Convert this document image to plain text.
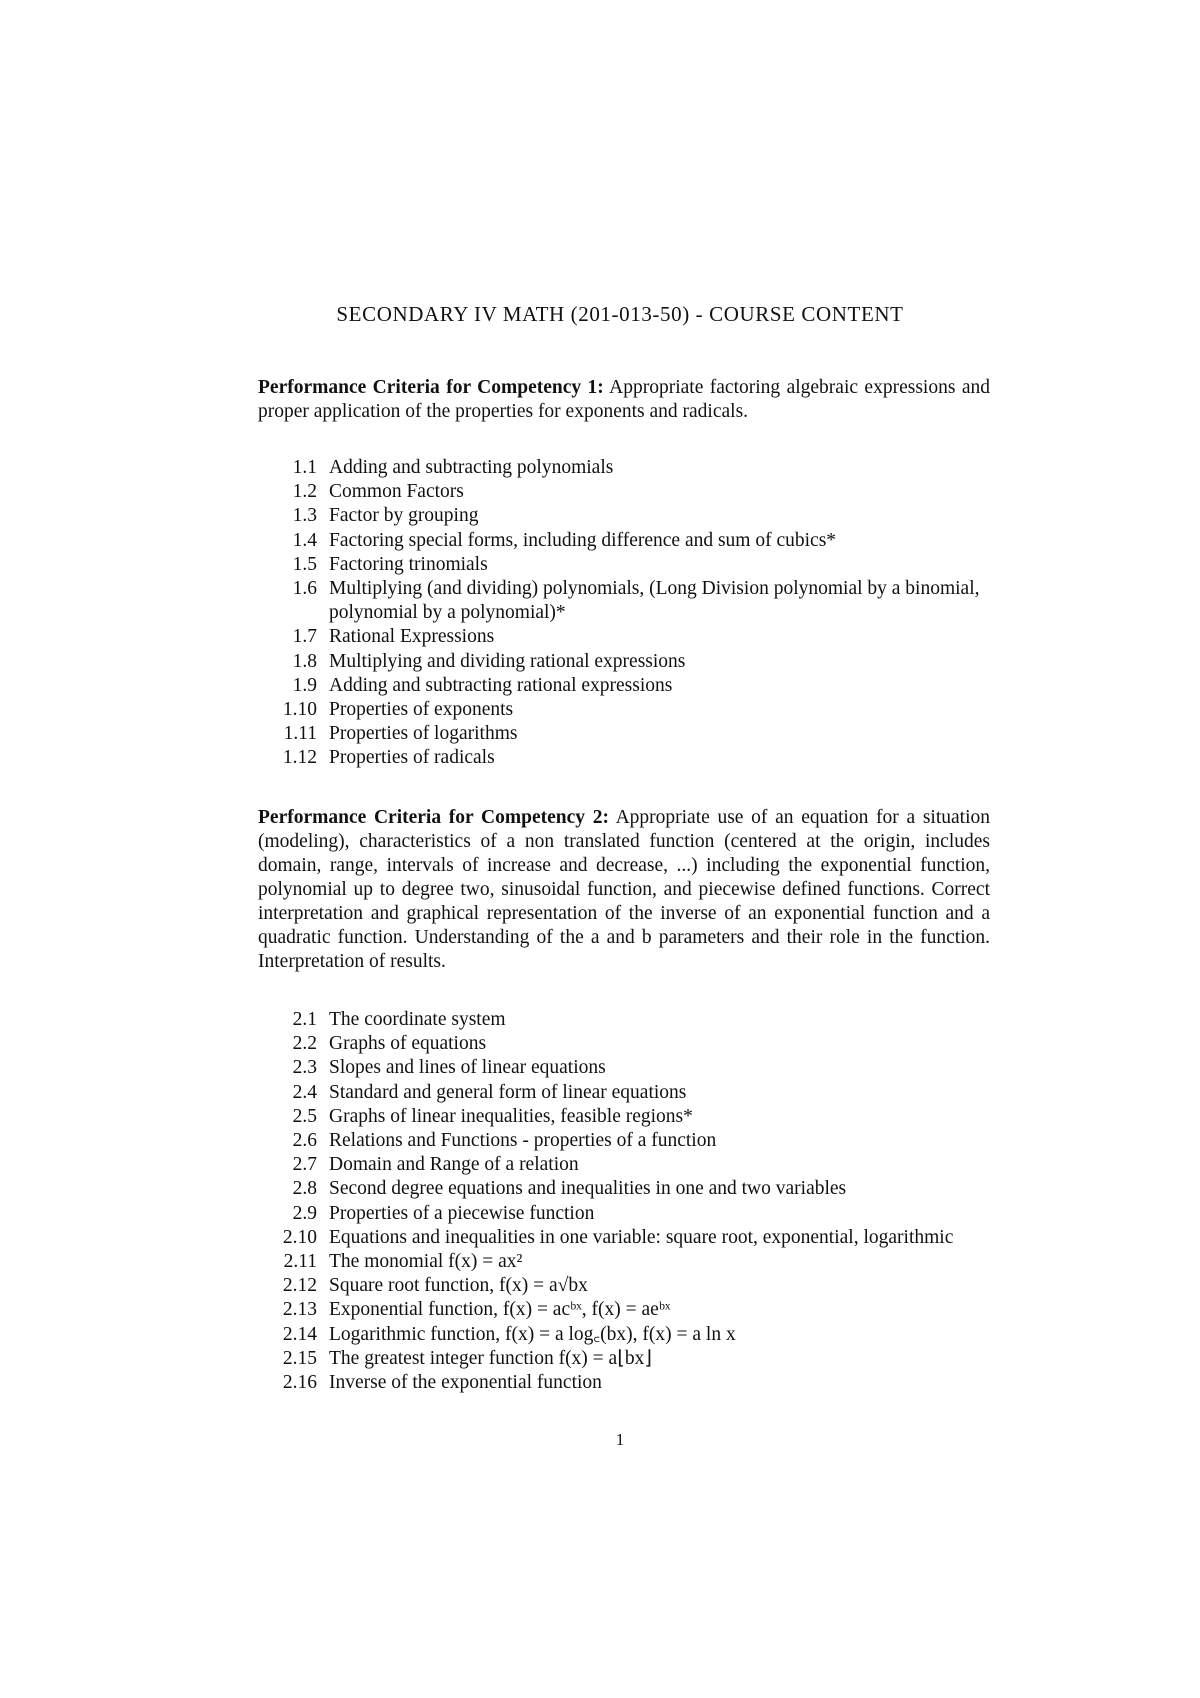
SECONDARY IV MATH (201-013-50) - COURSE CONTENT

Performance Criteria for Competency 1: Appropriate factoring algebraic expressions and proper application of the properties for exponents and radicals.

1.1 Adding and subtracting polynomials
1.2 Common Factors
1.3 Factor by grouping
1.4 Factoring special forms, including difference and sum of cubics*
1.5 Factoring trinomials
1.6 Multiplying (and dividing) polynomials, (Long Division polynomial by a binomial, polynomial by a polynomial)*
1.7 Rational Expressions
1.8 Multiplying and dividing rational expressions
1.9 Adding and subtracting rational expressions
1.10 Properties of exponents
1.11 Properties of logarithms
1.12 Properties of radicals

Performance Criteria for Competency 2: Appropriate use of an equation for a situation (modeling), characteristics of a non translated function (centered at the origin, includes domain, range, intervals of increase and decrease, ...) including the exponential function, polynomial up to degree two, sinusoidal function, and piecewise defined functions. Correct interpretation and graphical representation of the inverse of an exponential function and a quadratic function. Understanding of the a and b parameters and their role in the function. Interpretation of results.

2.1 The coordinate system
2.2 Graphs of equations
2.3 Slopes and lines of linear equations
2.4 Standard and general form of linear equations
2.5 Graphs of linear inequalities, feasible regions*
2.6 Relations and Functions - properties of a function
2.7 Domain and Range of a relation
2.8 Second degree equations and inequalities in one and two variables
2.9 Properties of a piecewise function
2.10 Equations and inequalities in one variable: square root, exponential, logarithmic
2.11 The monomial f(x) = ax²
2.12 Square root function, f(x) = a√bx
2.13 Exponential function, f(x) = acᵇˣ, f(x) = aeᵇˣ
2.14 Logarithmic function, f(x) = a log꜀(bx), f(x) = a ln x
2.15 The greatest integer function f(x) = a⌊bx⌋
2.16 Inverse of the exponential function
1
